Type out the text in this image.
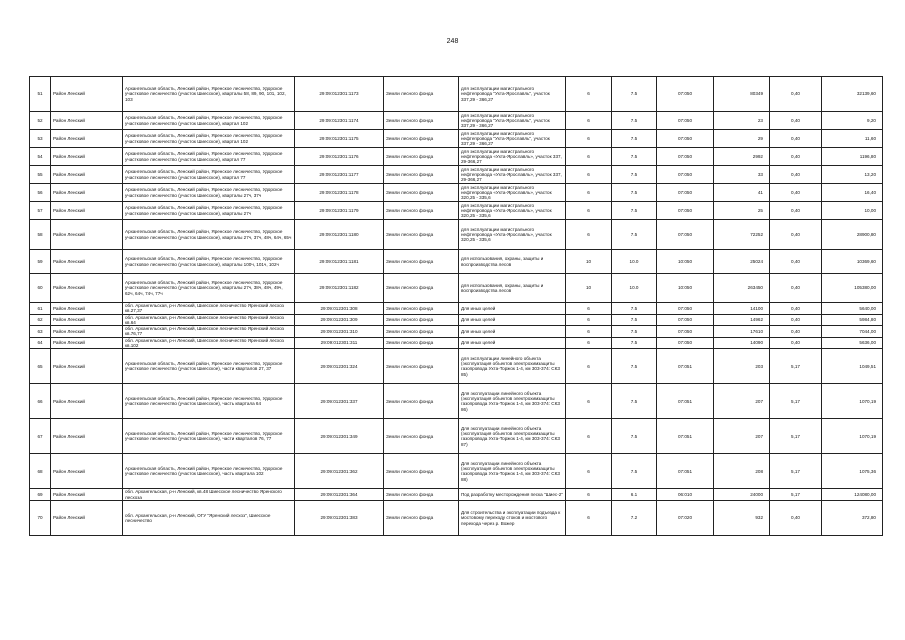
248
51	Район Ленский	Архангельская область, Ленский район, Яренское лесничество, Удорское участковое лесничество (участок Шиесское), кварталы 58, 89, 90, 101, 102, 103	29:09:012301:1173	Земли лесного фонда	для эксплуатации магистрального нефтепровода "Ухта-Ярославль", участок 337,29 - 366,27	6	7.5	07:050	80349	0,40	32139,60
52	Район Ленский	Архангельская область, Ленский район, Яренское лесничество, Удорское участковое лесничество (участок Шиесское), квартал 102	29:09:012301:1174	Земли лесного фонда	для эксплуатации магистрального нефтепровода "Ухта-Ярославль", участок 337,29 - 366,27	6	7.5	07:050	23	0,40	9,20
53	Район Ленский	Архангельская область, Ленский район, Яренское лесничество, Удорское участковое лесничество (участок Шиесское), квартал 102	29:09:012301:1175	Земли лесного фонда	для эксплуатации магистрального нефтепровода "Ухта-Ярославль", участок 337,29 - 366,27	6	7.5	07:050	29	0,40	11,60
54	Район Ленский	Архангельская область, Ленский район, Яренское лесничество, Удорское участковое лесничество (участок Шиесское), квартал 77	29:09:012301:1176	Земли лесного фонда	для эксплуатации магистрального нефтепровода «Ухта-Ярославль», участок 337, 29-366,27	6	7.5	07:050	2992	0,40	1196,80
55	Район Ленский	Архангельская область, Ленский район, Яренское лесничество, Удорское участковое лесничество (участок Шиесское), квартал 77	29:09:012301:1177	Земли лесного фонда	для эксплуатации магистрального нефтепровода «Ухта-Ярославль», участок 337, 29-366,27	6	7.5	07:050	33	0,40	13,20
56	Район Ленский	Архангельская область, Ленский район, Яренское лесничество, Удорское участковое лесничество (участок Шиесское), кварталы 27ч, 37ч	29:09:012301:1178	Земли лесного фонда	для эксплуатации магистрального нефтепровода «Ухта-Ярославль», участок 320,25 - 335,6	6	7.5	07:050	41	0,40	16,40
57	Район Ленский	Архангельская область, Ленский район, Яренское лесничество, Удорское участковое лесничество (участок Шиесское), кварталы 27ч	29:09:012301:1179	Земли лесного фонда	для эксплуатации магистрального нефтепровода «Ухта-Ярославль», участок 320,25 - 335,6	6	7.5	07:050	25	0,40	10,00
58	Район Ленский	Архангельская область, Ленский район, Яренское лесничество, Удорское участковое лесничество (участок Шиесское), кварталы 27ч, 37ч, 48ч, 64ч, 65ч	29:09:012301:1180	Земли лесного фонда	для эксплуатации магистрального нефтепровода «Ухта-Ярославль», участок 320,25 - 335,6	6	7.5	07:050	72252	0,40	28900,80
59	Район Ленский	Архангельская область, Ленский район, Яренское лесничество, Удорское участковое лесничество (участок Шиесское), кварталы 100ч, 101ч, 102ч	29:09:012301:1181	Земли лесного фонда	для использования, охраны, защиты и воспроизводства лесов	10	10.0	10:050	25024	0,40	10369,60
60	Район Ленский	Архангельская область, Ленский район, Яренское лесничество, Удорское участковое лесничество (участок Шиесское), кварталы 27ч, 38ч, 48ч, 49ч, 62ч, 64ч, 74ч, 77ч	29:09:012301:1182	Земли лесного фонда	для использования, охраны, защиты и воспроизводства лесов	10	10.0	10:050	263450	0,40	105380,00
61	Район Ленский	обл. Архангельская, р-н Ленский, Шиесское лесничество Яренский лесхоз кв.27,37	29:09:012301:308	Земли лесного фонда	Для иных целей	6	7.5	07:050	14100	0,40	5640,00
62	Район Ленский	обл. Архангельская, р-н Ленский, Шиесское лесничество Яренский лесхоз кв.64	29:09:012301:309	Земли лесного фонда	Для иных целей	6	7.5	07:050	14962	0,40	5984,80
63	Район Ленский	обл. Архангельская, р-н Ленский, Шиесское лесничество Яренский лесхоз кв.76,77	29:09:012301:310	Земли лесного фонда	Для иных целей	6	7.5	07:050	17610	0,40	7044,00
64	Район Ленский	обл. Архангельская, р-н Ленский, Шиесское лесничество Яренский лесхоз кв.102	29:09:012301:311	Земли лесного фонда	Для иных целей	6	7.5	07:050	14090	0,40	5636,00
65	Район Ленский	Архангельская область, Ленский район, Яренское лесничество, Удорское участковое лесничество (участок Шиесское), части кварталов 27, 37	29:09:012301:324	Земли лесного фонда	для эксплуатации линейного объекта (эксплуатация объектов электрохимзащиты газопровода Ухта-Торжок 1-4, км 303-374: СКЗ 85)	6	7.5	07:051	203	5,17	1049,51
66	Район Ленский	Архангельская область, Ленский район, Яренское лесничество, Удорское участковое лесничество (участок Шиесское), часть квартала 64	29:09:012301:337	Земли лесного фонда	Для эксплуатации линейного объекта (эксплуатация объектов электрохимзащиты газопровода Ухта-Торжок 1-4, км 303-374: СКЗ 86)	6	7.5	07:051	207	5,17	1070,19
67	Район Ленский	Архангельская область, Ленский район, Яренское лесничество, Удорское участковое лесничество (участок Шиесское), части кварталов 76, 77	29:09:012301:349	Земли лесного фонда	Для эксплуатации линейного объекта (эксплуатация объектов электрохимзащиты газопровода Ухта-Торжок 1-4, км 303-374: СКЗ 87)	6	7.5	07:051	207	5,17	1070,19
68	Район Ленский	Архангельская область, Ленский район, Яренское лесничество, Удорское участковое лесничество (участок Шиесское), часть квартала 102	29:09:012301:362	Земли лесного фонда	Для эксплуатации линейного объекта (эксплуатация объектов электрохимзащиты газопровода Ухта-Торжок 1-4, км 303-374: СКЗ 88)	6	7.5	07:051	208	5,17	1075,36
69	Район Ленский	обл. Архангельская, р-н Ленский, кв.48 Шиесское лесничество Яренского лесхоза	29:09:012301:364	Земли лесного фонда	Под разработку месторождения песка "Шиес-2"	6	6.1	06:010	24000	5,17	124080,00
70	Район Ленский	обл. Архангельская, р-н Ленский, ОГУ "Яренский лесхоз", Шиесское лесничество	29:09:012301:383	Земли лесного фонда	Для строительства и эксплуатации подъезда к мостовому переходу стоков и мостового перехода через р. Вожер	6	7.2	07:020	932	0,40	372,80
